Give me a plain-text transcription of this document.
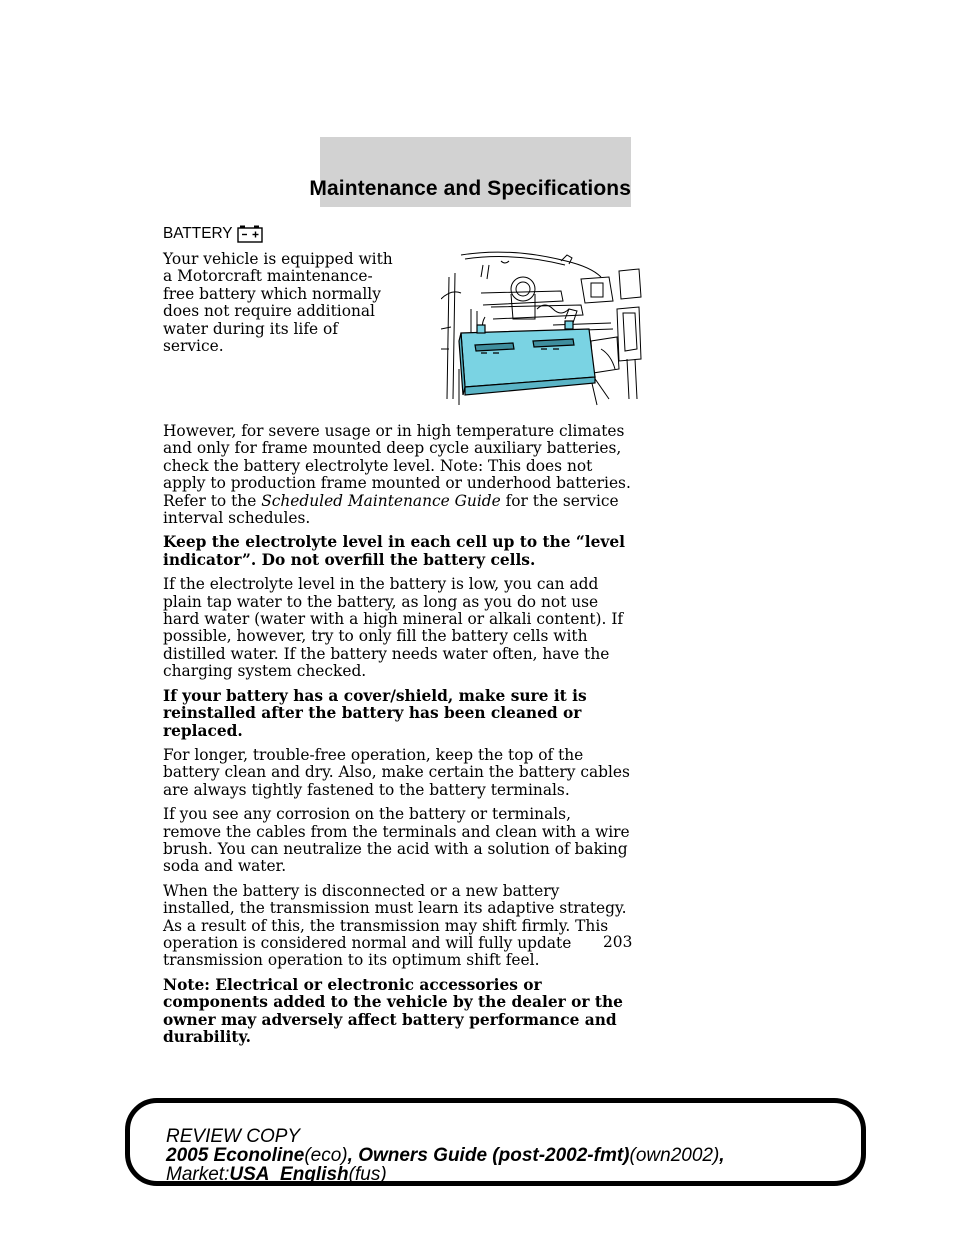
Maintenance and Specifications
BATTERY

Your vehicle is equipped with a Motorcraft maintenance-free battery which normally does not require additional water during its life of service.

However, for severe usage or in high temperature climates and only for frame mounted deep cycle auxiliary batteries, check the battery electrolyte level. Note: This does not apply to production frame mounted or underhood batteries. Refer to the Scheduled Maintenance Guide for the service interval schedules.

Keep the electrolyte level in each cell up to the “level indicator”. Do not overfill the battery cells.

If the electrolyte level in the battery is low, you can add plain tap water to the battery, as long as you do not use hard water (water with a high mineral or alkali content). If possible, however, try to only fill the battery cells with distilled water. If the battery needs water often, have the charging system checked.

If your battery has a cover/shield, make sure it is reinstalled after the battery has been cleaned or replaced.

For longer, trouble-free operation, keep the top of the battery clean and dry. Also, make certain the battery cables are always tightly fastened to the battery terminals.

If you see any corrosion on the battery or terminals, remove the cables from the terminals and clean with a wire brush. You can neutralize the acid with a solution of baking soda and water.

When the battery is disconnected or a new battery installed, the transmission must learn its adaptive strategy. As a result of this, the transmission may shift firmly. This operation is considered normal and will fully update transmission operation to its optimum shift feel.

Note: Electrical or electronic accessories or components added to the vehicle by the dealer or the owner may adversely affect battery performance and durability.

203
REVIEW COPY
2005 Econoline(eco), Owners Guide (post-2002-fmt)(own2002),
Market:USA_English(fus)
